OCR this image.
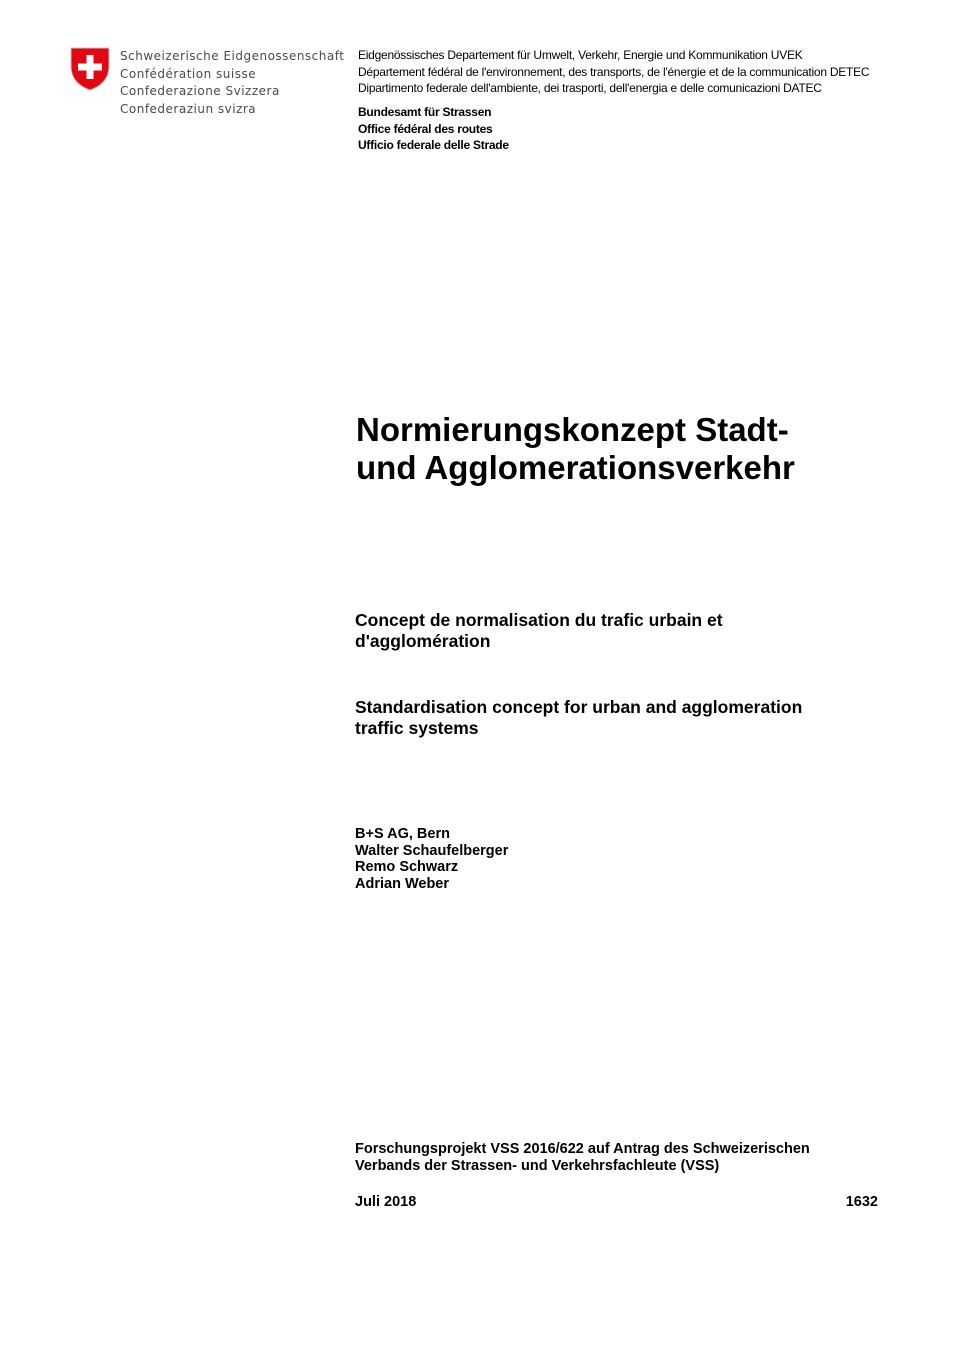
Schweizerische Eidgenossenschaft
Confédération suisse
Confederazione Svizzera
Confederaziun svizra
Eidgenössisches Departement für Umwelt, Verkehr, Energie und Kommunikation UVEK
Département fédéral de l'environnement, des transports, de l'énergie et de la communication DETEC
Dipartimento federale dell'ambiente, dei trasporti, dell'energia e delle comunicazioni DATEC
Bundesamt für Strassen
Office fédéral des routes
Ufficio federale delle Strade
Normierungskonzept Stadt-
und Agglomerationsverkehr
Concept de normalisation du trafic urbain et
d'agglomération
Standardisation concept for urban and agglomeration
traffic systems
B+S AG, Bern
Walter Schaufelberger
Remo Schwarz
Adrian Weber
Forschungsprojekt VSS 2016/622 auf Antrag des Schweizerischen
Verbands der Strassen- und Verkehrsfachleute (VSS)
Juli 2018	1632
